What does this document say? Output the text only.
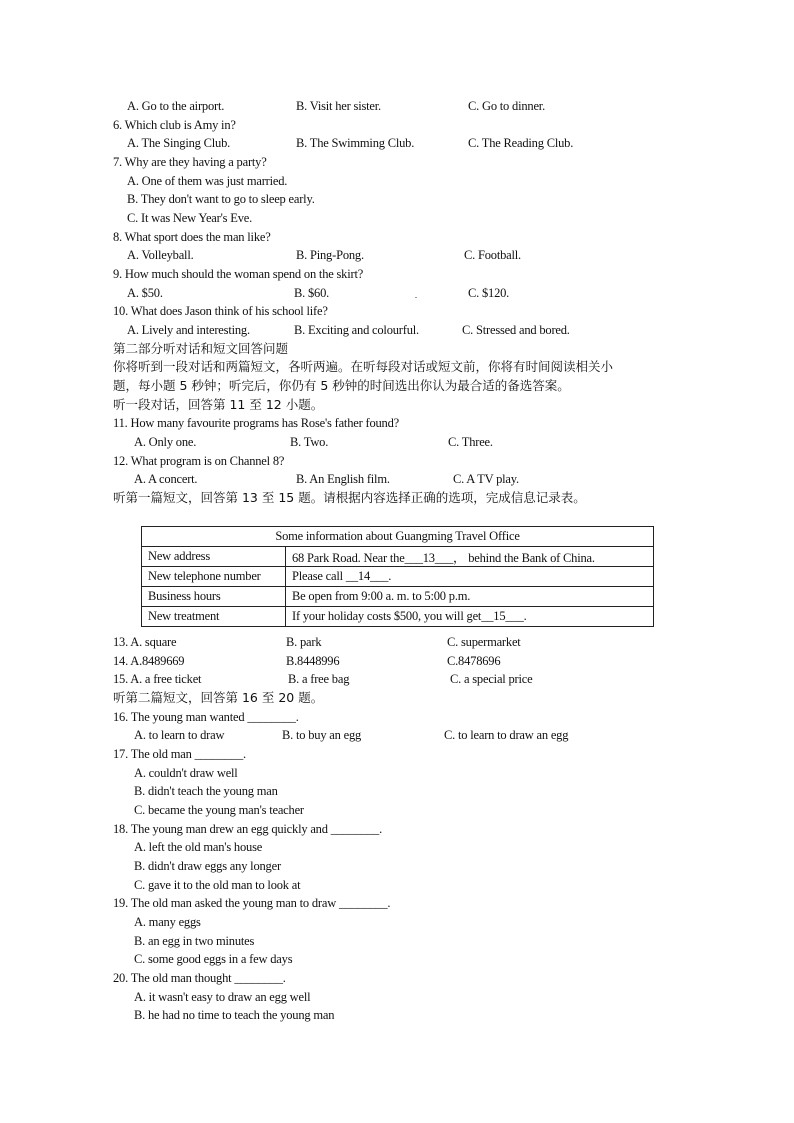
A. Go to the airport.	B. Visit her sister.	C. Go to dinner.
6. Which club is Amy in?
A. The Singing Club.	B. The Swimming Club.	C. The Reading Club.
7. Why are they having a party?
A. One of them was just married.
B. They don't want to go to sleep early.
C. It was New Year's Eve.
8. What sport does the man like?
A. Volleyball.	B. Ping-Pong.	C. Football.
9. How much should the woman spend on the skirt?
A. $50.	B. $60.	C. $120.
10. What does Jason think of his school life?
A. Lively and interesting.	B. Exciting and colourful.	C. Stressed and bored.
第二部分听对话和短文回答问题
你将听到一段对话和两篇短文，各听两遍。在听每段对话或短文前，你将有时间阅读相关小
题，每小题 5 秒钟；听完后，你仍有 5 秒钟的时间选出你认为最合适的备选答案。
听一段对话，回答第 11 至 12 小题。
11. How many favourite programs has Rose's father found?
A. Only one.	B. Two.	C. Three.
12. What program is on Channel 8?
A. A concert.	B. An English film.	C. A TV play.
听第一篇短文，回答第 13 至 15 题。请根据内容选择正确的选项，完成信息记录表。
Some information about Guangming Travel Office	
New address	68 Park Road. Near the___13___， behind the Bank of China.
New telephone number	Please call __14___.
Business hours	Be open from 9:00 a. m. to 5:00 p.m.
New treatment	If your holiday costs $500, you will get__15___.
13. A. square	B. park	C. supermarket
14. A.8489669	B.8448996	C.8478696
15. A. a free ticket	B. a free bag	C. a special price
听第二篇短文，回答第 16 至 20 题。
16. The young man wanted ________.
A. to learn to draw	B. to buy an egg	C. to learn to draw an egg
17. The old man ________.
A. couldn't draw well
B. didn't teach the young man
C. became the young man's teacher
18. The young man drew an egg quickly and ________.
A. left the old man's house
B. didn't draw eggs any longer
C. gave it to the old man to look at
19. The old man asked the young man to draw ________.
A. many eggs
B. an egg in two minutes
C. some good eggs in a few days
20. The old man thought ________.
A. it wasn't easy to draw an egg well
B. he had no time to teach the young man
